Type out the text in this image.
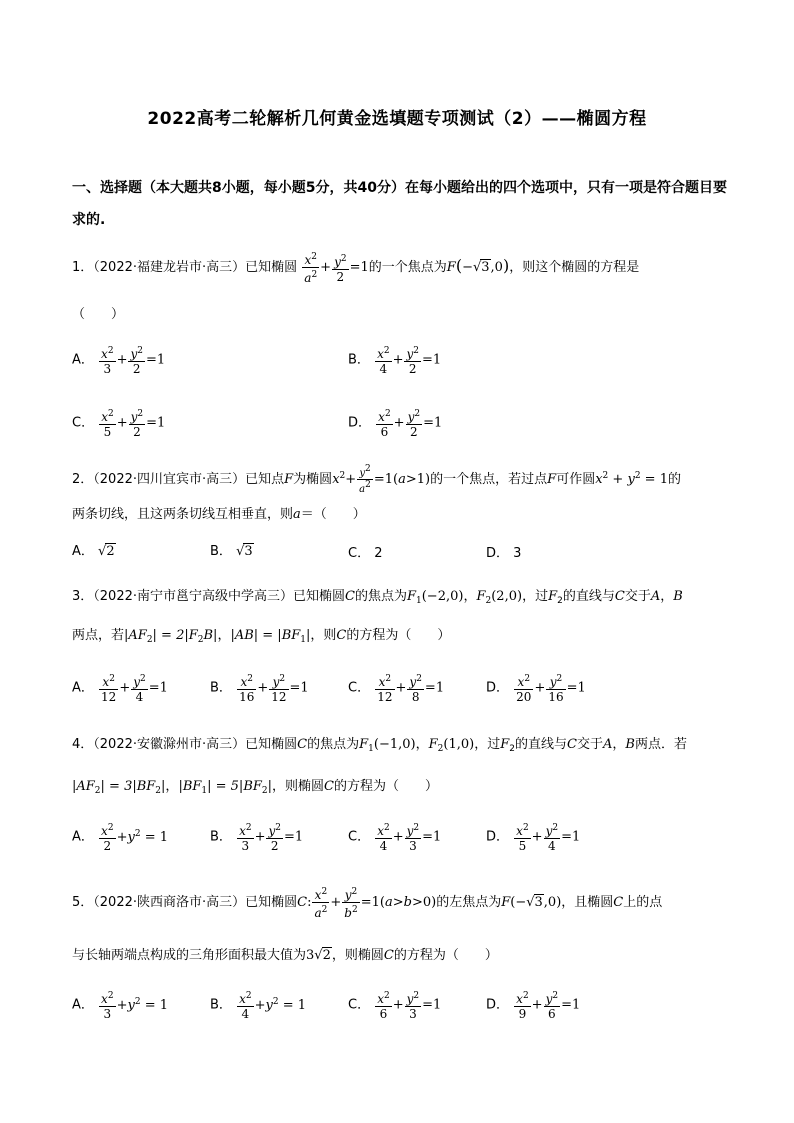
2022高考二轮解析几何黄金选填题专项测试（2）——椭圆方程
一、选择题（本大题共8小题，每小题5分，共40分）在每小题给出的四个选项中，只有一项是符合题目要求的.
1．（2022·福建龙岩市·高三）已知椭圆 $\frac{x^2}{a^2} + \frac{y^2}{2} =1$的一个焦点为F(−√3,0)，则这个椭圆的方程是
（　　）
A． $\frac{x^2}{3} + \frac{y^2}{2} =1$	B． $\frac{x^2}{4} + \frac{y^2}{2} =1$
C． $\frac{x^2}{5} + \frac{y^2}{2} =1$	D． $\frac{x^2}{6} + \frac{y^2}{2} =1$
2．（2022·四川宜宾市·高三）已知点F为椭圆$x^2+ \frac{y2}{a2} =1(a>1)$的一个焦点，若过点F可作圆$x^2 + y^2 = 1$的
两条切线，且这两条切线互相垂直，则a＝（　　）
A． √2	B． √3	C． 2	D． 3
3．（2022·南宁市邕宁高级中学高三）已知椭圆C的焦点为$F_1(-2,0)$，$F_2(2,0)$，过$F_2$的直线与C交于A，B
两点，若$|AF_2| = 2|F_2B|$，$|AB| = |BF_1|$，则C的方程为（　　）
A． $\frac{x^2}{12} + \frac{y^2}{4} =1$	B． $\frac{x^2}{16} + \frac{y^2}{12} =1$	C． $\frac{x^2}{12} + \frac{y^2}{8} =1$	D． $\frac{x^2}{20} + \frac{y^2}{16} =1$
4．（2022·安徽滁州市·高三）已知椭圆C的焦点为$F_1(-1,0)$，$F_2(1,0)$，过$F_2$的直线与C交于A，B两点．若
$|AF_2| = 3|BF_2|$，$|BF_1| = 5|BF_2|$，则椭圆C的方程为（　　）
A． $\frac{x^2}{2} +y^2 = 1$	B． $\frac{x^2}{3} + \frac{y^2}{2} =1$	C． $\frac{x^2}{4} + \frac{y^2}{3} =1$	D． $\frac{x^2}{5} + \frac{y^2}{4} =1$
5．（2022·陕西商洛市·高三）已知椭圆C: $\frac{x^2}{a^2} + \frac{y^2}{b^2} =1(a>b>0)$的左焦点为F(−√3,0)，且椭圆C上的点
与长轴两端点构成的三角形面积最大值为3√2，则椭圆C的方程为（　　）
A． $\frac{x^2}{3} +y^2 = 1$	B． $\frac{x^2}{4} +y^2 = 1$	C． $\frac{x^2}{6} + \frac{y^2}{3} =1$	D． $\frac{x^2}{9} + \frac{y^2}{6} =1$
